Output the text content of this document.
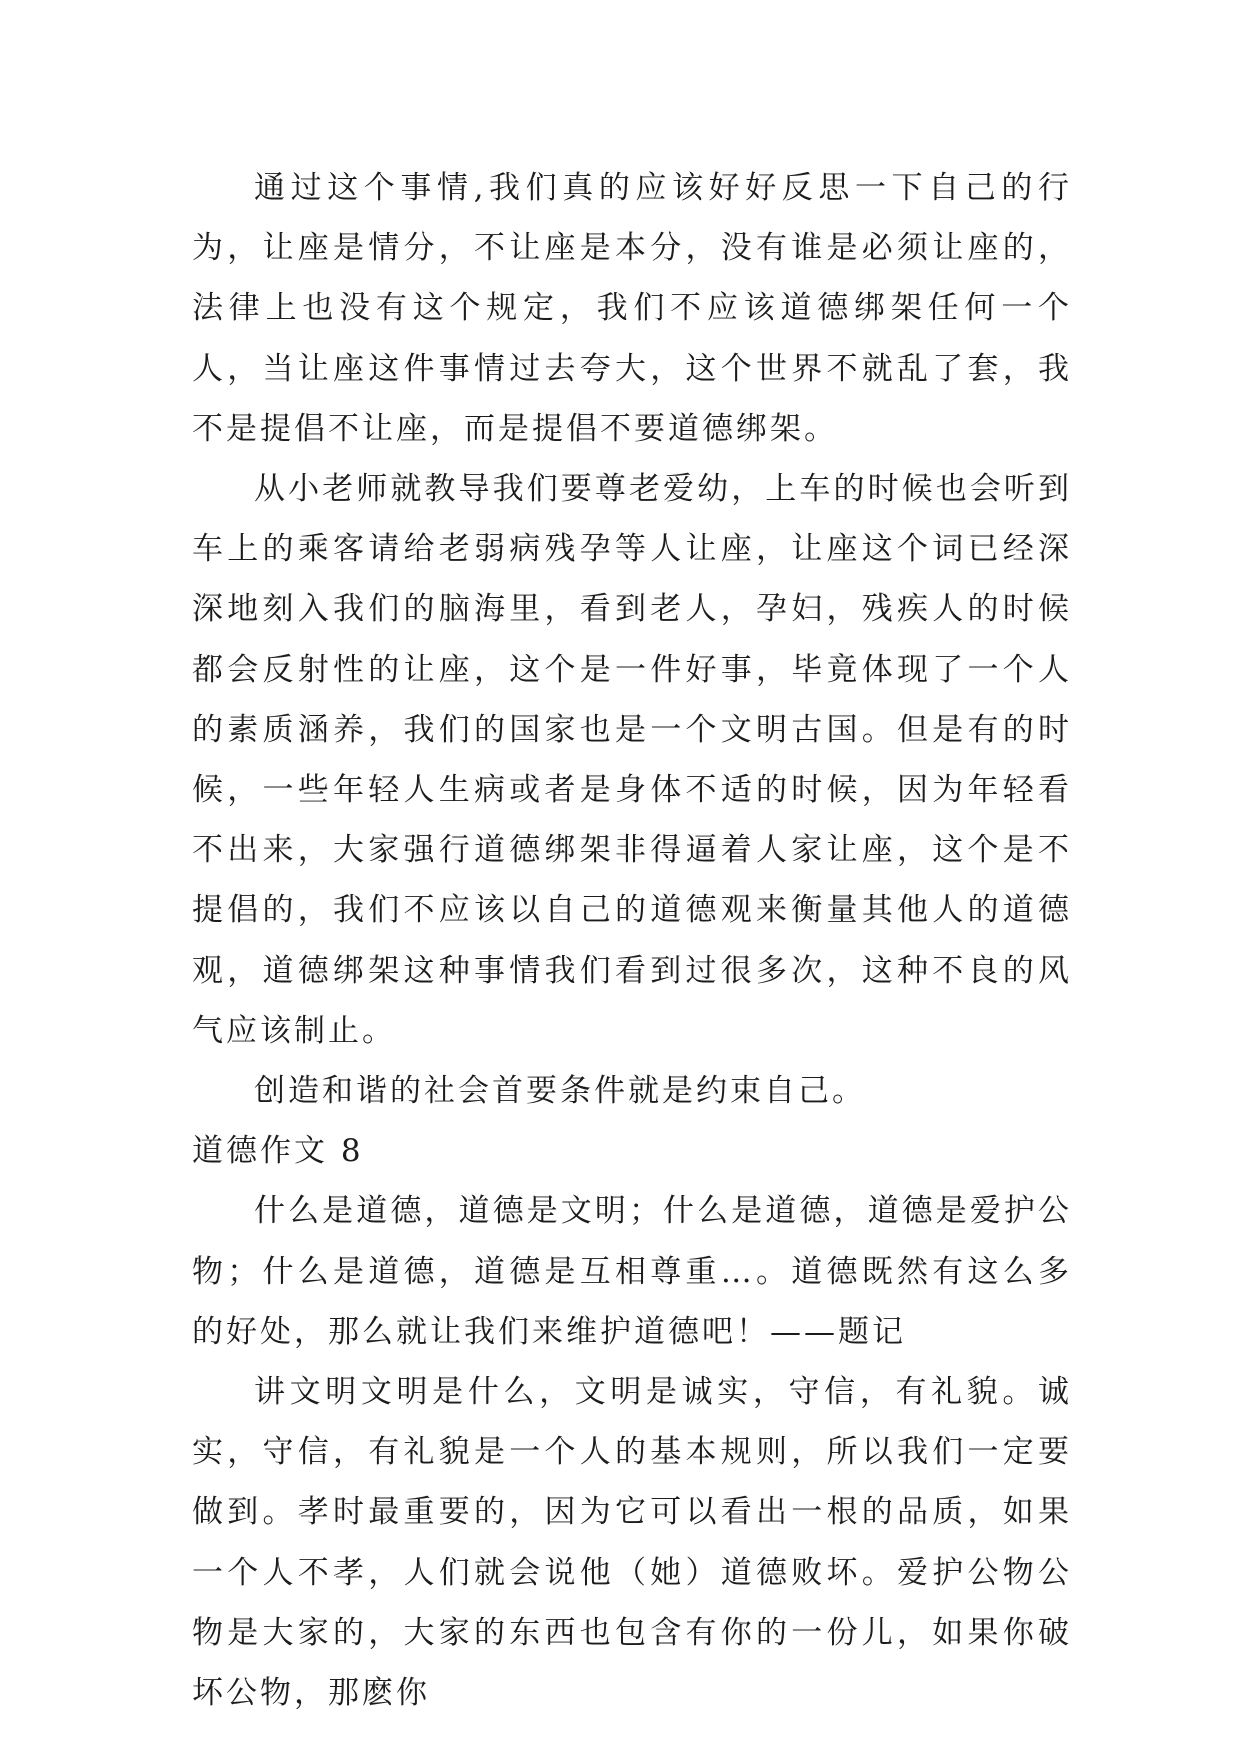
通过这个事情,我们真的应该好好反思一下自己的行为，让座是情分，不让座是本分，没有谁是必须让座的，法律上也没有这个规定，我们不应该道德绑架任何一个人，当让座这件事情过去夸大，这个世界不就乱了套，我不是提倡不让座，而是提倡不要道德绑架。

从小老师就教导我们要尊老爱幼，上车的时候也会听到车上的乘客请给老弱病残孕等人让座，让座这个词已经深深地刻入我们的脑海里，看到老人，孕妇，残疾人的时候都会反射性的让座，这个是一件好事，毕竟体现了一个人的素质涵养，我们的国家也是一个文明古国。但是有的时候，一些年轻人生病或者是身体不适的时候，因为年轻看不出来，大家强行道德绑架非得逼着人家让座，这个是不提倡的，我们不应该以自己的道德观来衡量其他人的道德观，道德绑架这种事情我们看到过很多次，这种不良的风气应该制止。

创造和谐的社会首要条件就是约束自己。

道德作文 8

什么是道德，道德是文明；什么是道德，道德是爱护公物；什么是道德，道德是互相尊重…。道德既然有这么多的好处，那么就让我们来维护道德吧！——题记

讲文明文明是什么，文明是诚实，守信，有礼貌。诚实，守信，有礼貌是一个人的基本规则，所以我们一定要做到。孝时最重要的，因为它可以看出一根的品质，如果一个人不孝，人们就会说他（她）道德败坏。爱护公物公物是大家的，大家的东西也包含有你的一份儿，如果你破坏公物，那麽你
